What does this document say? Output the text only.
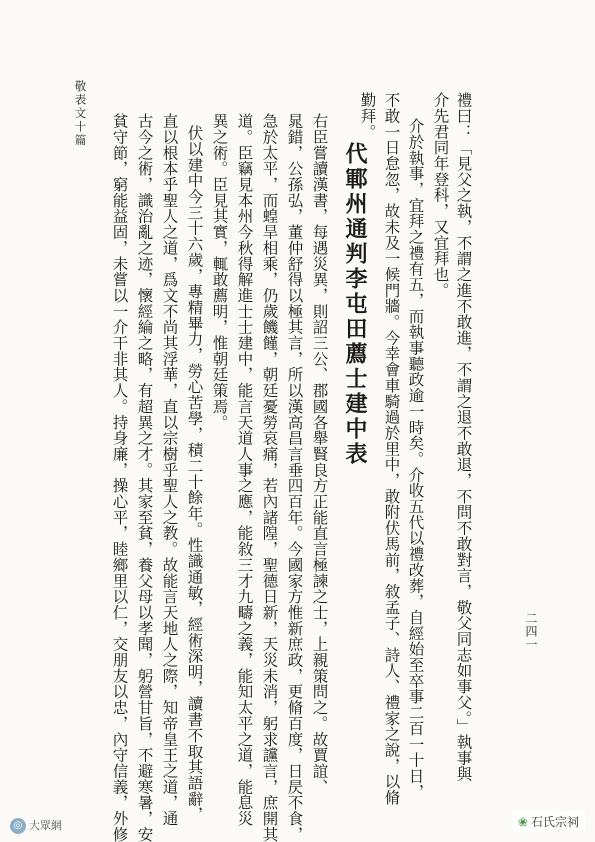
禮曰：「見父之執，不謂之進不敢進，不謂之退不敢退，不問不敢對言，敬父同志如事父。」執事與
介先君同年登科，又宜拜也。
介於執事，宜拜之禮有五，而執事聽政逾一時矣。介收五代以禮改葬，自經始至卒事二百一十日，
不敢一日怠忽，故未及一候門牆。今幸會車騎過於里中，敢附伏馬前，敘孟子、詩人、禮家之說，以脩
勤拜。
代鄆州通判李屯田薦士建中表
右臣嘗讀漢書，每遇災異，則詔三公、郡國各舉賢良方正能直言極諫之士，上親策問之。故賈誼、
晁錯，公孫弘，董仲舒得以極其言，所以漢高昌言垂四百年。今國家方惟新庶政，更脩百度，日昃不食，
急於太平，而蝗旱相乘，仍歲饑饉，朝廷憂勞哀痛，若內諸隍，聖德日新，天災未消，躬求讜言，庶開其
道。臣竊見本州今秋得解進士士建中，能言天道人事之應，能敘三才九疇之義，能知太平之道，能息災
異之術。臣見其實，輒敢薦明，惟朝廷策焉。
伏以建中今三十六歲，專精畢力，勞心苦學，積二十餘年。性識通敏，經術深明，讀書不取其語辭，
直以根本乎聖人之道，爲文不尚其浮華，直以宗樹乎聖人之教。故能言天地人之際，知帝皇王之道，通
古今之術，識治亂之迹，懷經綸之略，有超異之才。其家至貧，養父母以孝聞，躬營甘旨，不避寒暑，安
貧守節，窮能益固，未嘗以一介干非其人。持身廉，操心平，睦鄉里以仁，交朋友以忠，內守信義，外修
敬表文十篇
二四一
◎ 大眾網	❀ 石氏宗祠
